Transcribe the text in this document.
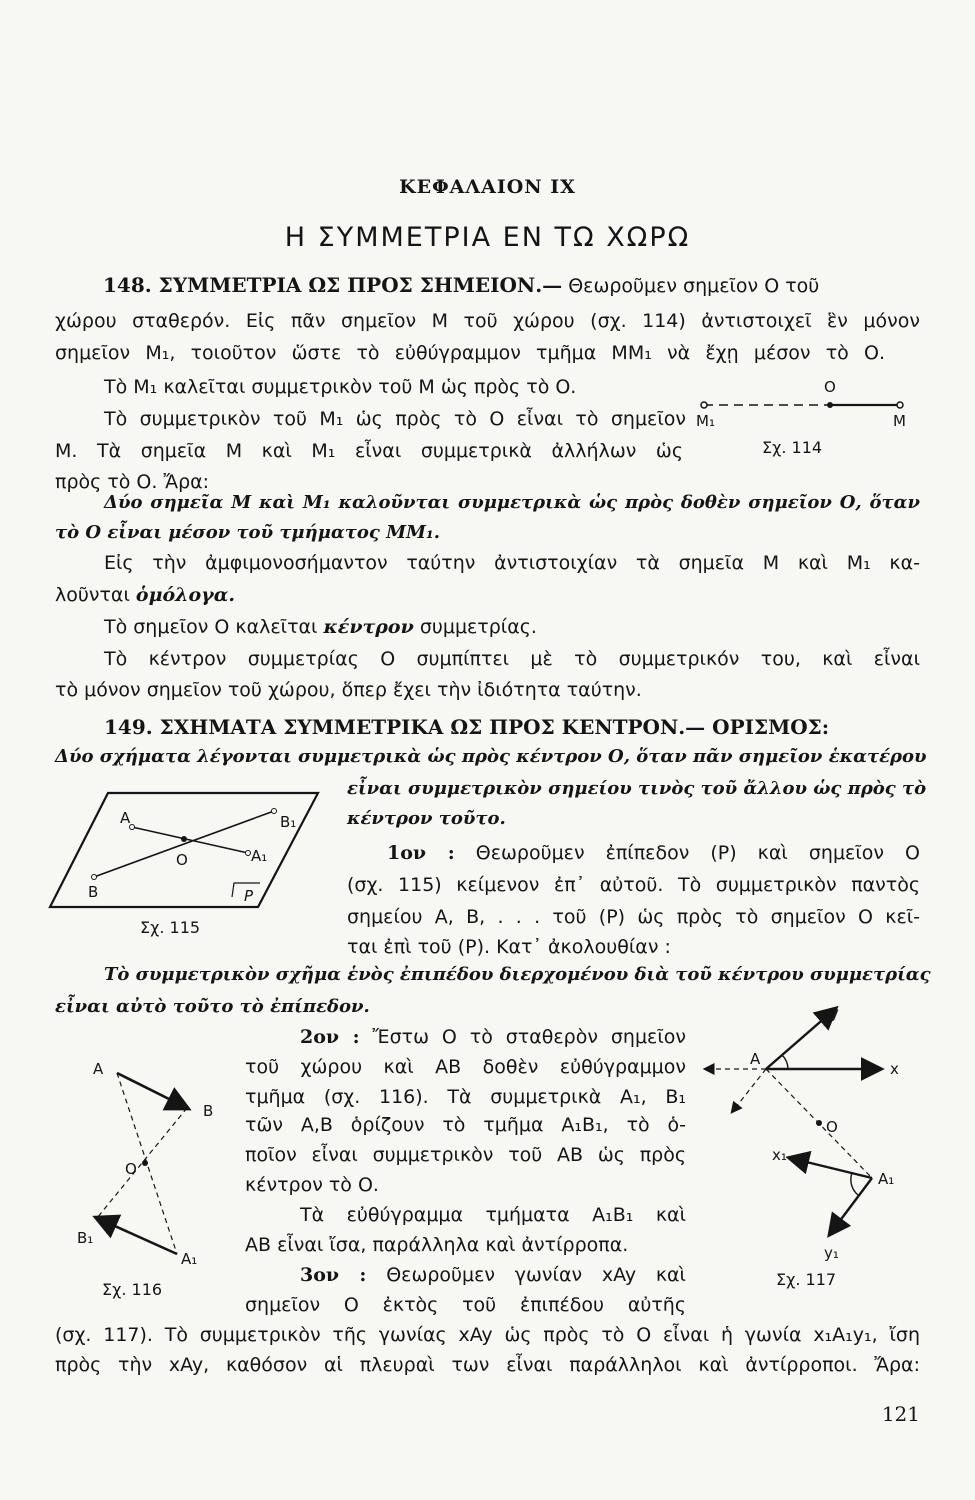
ΚΕΦΑΛΑΙΟΝ IX
Η ΣΥΜΜΕΤΡΙΑ ΕΝ ΤΩ ΧΩΡΩ
148. ΣΥΜΜΕΤΡΙΑ ΩΣ ΠΡΟΣ ΣΗΜΕΙΟΝ.— Θεωροῦμεν σημεῖον Ο τοῦ
χώρου σταθερόν. Εἰς πᾶν σημεῖον Μ τοῦ χώρου (σχ. 114) ἀντιστοιχεῖ ἓν μόνον
σημεῖον Μ₁, τοιοῦτον ὥστε τὸ εὐθύγραμμον τμῆμα ΜΜ₁ νὰ ἔχῃ μέσον τὸ Ο.
Τὸ Μ₁ καλεῖται συμμετρικὸν τοῦ Μ ὡς πρὸς τὸ Ο.
Τὸ συμμετρικὸν τοῦ Μ₁ ὡς πρὸς τὸ Ο εἶναι τὸ σημεῖον
Μ. Τὰ σημεῖα Μ καὶ Μ₁ εἶναι συμμετρικὰ ἀλλήλων ὡς
πρὸς τὸ Ο. Ἄρα:
O
M₁	M
Σχ. 114
Δύο σημεῖα Μ καὶ Μ₁ καλοῦνται συμμετρικὰ ὡς πρὸς δοθὲν σημεῖον Ο, ὅταν
τὸ Ο εἶναι μέσον τοῦ τμήματος ΜΜ₁.
Εἰς τὴν ἀμφιμονοσήμαντον ταύτην ἀντιστοιχίαν τὰ σημεῖα Μ καὶ Μ₁ κα-
λοῦνται ὁμόλογα.
Τὸ σημεῖον Ο καλεῖται κέντρον συμμετρίας.
Τὸ κέντρον συμμετρίας Ο συμπίπτει μὲ τὸ συμμετρικόν του, καὶ εἶναι
τὸ μόνον σημεῖον τοῦ χώρου, ὅπερ ἔχει τὴν ἰδιότητα ταύτην.
149. ΣΧΗΜΑΤΑ ΣΥΜΜΕΤΡΙΚΑ ΩΣ ΠΡΟΣ ΚΕΝΤΡΟΝ.— ΟΡΙΣΜΟΣ:
Δύο σχήματα λέγονται συμμετρικὰ ὡς πρὸς κέντρον Ο, ὅταν πᾶν σημεῖον ἑκατέρου
εἶναι συμμετρικὸν σημείου τινὸς τοῦ ἄλλου ὡς πρὸς τὸ
κέντρον τοῦτο.
A
O	A₁
B
B₁
P
Σχ. 115
1ον : Θεωροῦμεν ἐπίπεδον (Ρ) καὶ σημεῖον Ο
(σχ. 115) κείμενον ἐπ᾽ αὐτοῦ. Τὸ συμμετρικὸν παντὸς
σημείου Α, Β, . . . τοῦ (Ρ) ὡς πρὸς τὸ σημεῖον Ο κεῖ-
ται ἐπὶ τοῦ (Ρ). Κατ᾽ ἀκολουθίαν :
Τὸ συμμετρικὸν σχῆμα ἑνὸς ἐπιπέδου διερχομένου διὰ τοῦ κέντρου συμμετρίας
εἶναι αὐτὸ τοῦτο τὸ ἐπίπεδον.
2ον : Ἔστω Ο τὸ σταθερὸν σημεῖον
τοῦ χώρου καὶ ΑΒ δοθὲν εὐθύγραμμον
τμῆμα (σχ. 116). Τὰ συμμετρικὰ Α₁, Β₁
τῶν Α,Β ὁρίζουν τὸ τμῆμα Α₁Β₁, τὸ ὁ-
ποῖον εἶναι συμμετρικὸν τοῦ ΑΒ ὡς πρὸς
κέντρον τὸ Ο.
Τὰ εὐθύγραμμα τμήματα Α₁Β₁ καὶ
ΑΒ εἶναι ἴσα, παράλληλα καὶ ἀντίρροπα.
3ον : Θεωροῦμεν γωνίαν xAy καὶ
σημεῖον Ο ἐκτὸς τοῦ ἐπιπέδου αὐτῆς
(σχ. 117). Τὸ συμμετρικὸν τῆς γωνίας xAy ὡς πρὸς τὸ Ο εἶναι ἡ γωνία x₁A₁y₁, ἴση
πρὸς τὴν xAy, καθόσον αἱ πλευραὶ των εἶναι παράλληλοι καὶ ἀντίρροποι. Ἄρα:
A
B
O
B₁
A₁
Σχ. 116
y
A
x
O
x₁
A₁
y₁
Σχ. 117
121
